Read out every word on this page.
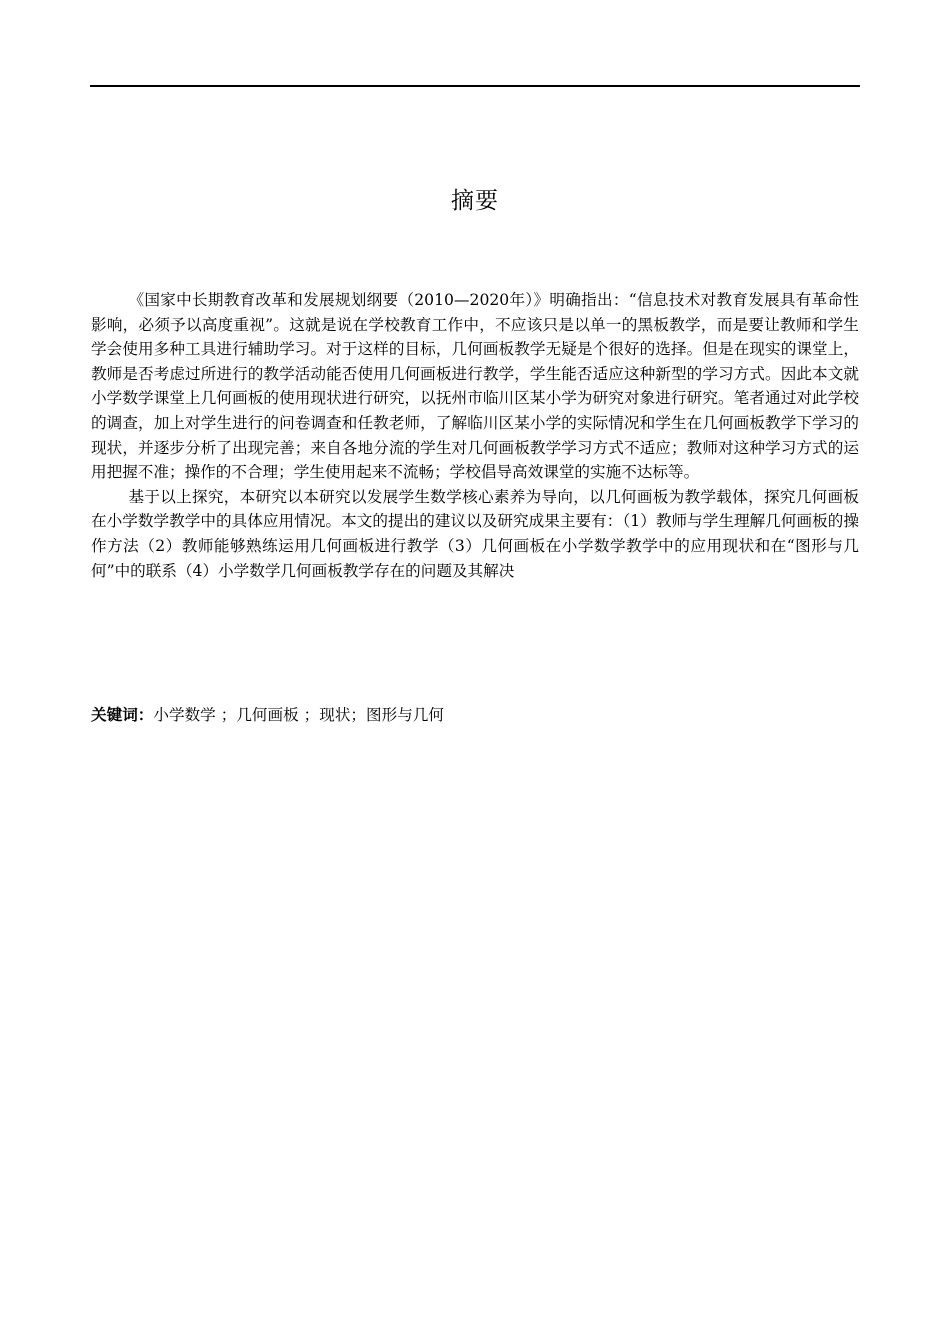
摘要

《国家中长期教育改革和发展规划纲要（2010—2020年）》明确指出：“信息技术对教育发展具有革命性影响，必须予以高度重视”。这就是说在学校教育工作中，不应该只是以单一的黑板教学，而是要让教师和学生学会使用多种工具进行辅助学习。对于这样的目标，几何画板教学无疑是个很好的选择。但是在现实的课堂上，教师是否考虑过所进行的教学活动能否使用几何画板进行教学，学生能否适应这种新型的学习方式。因此本文就小学数学课堂上几何画板的使用现状进行研究，以抚州市临川区某小学为研究对象进行研究。笔者通过对此学校的调查，加上对学生进行的问卷调查和任教老师，了解临川区某小学的实际情况和学生在几何画板教学下学习的现状，并逐步分析了出现完善；来自各地分流的学生对几何画板教学学习方式不适应；教师对这种学习方式的运用把握不准；操作的不合理；学生使用起来不流畅；学校倡导高效课堂的实施不达标等。

基于以上探究，本研究以本研究以发展学生数学核心素养为导向，以几何画板为教学载体，探究几何画板在小学数学教学中的具体应用情况。本文的提出的建议以及研究成果主要有：（1）教师与学生理解几何画板的操作方法（2）教师能够熟练运用几何画板进行教学（3）几何画板在小学数学教学中的应用现状和在“图形与几何”中的联系（4）小学数学几何画板教学存在的问题及其解决

关键词：小学数学 ；几何画板 ；现状；图形与几何
